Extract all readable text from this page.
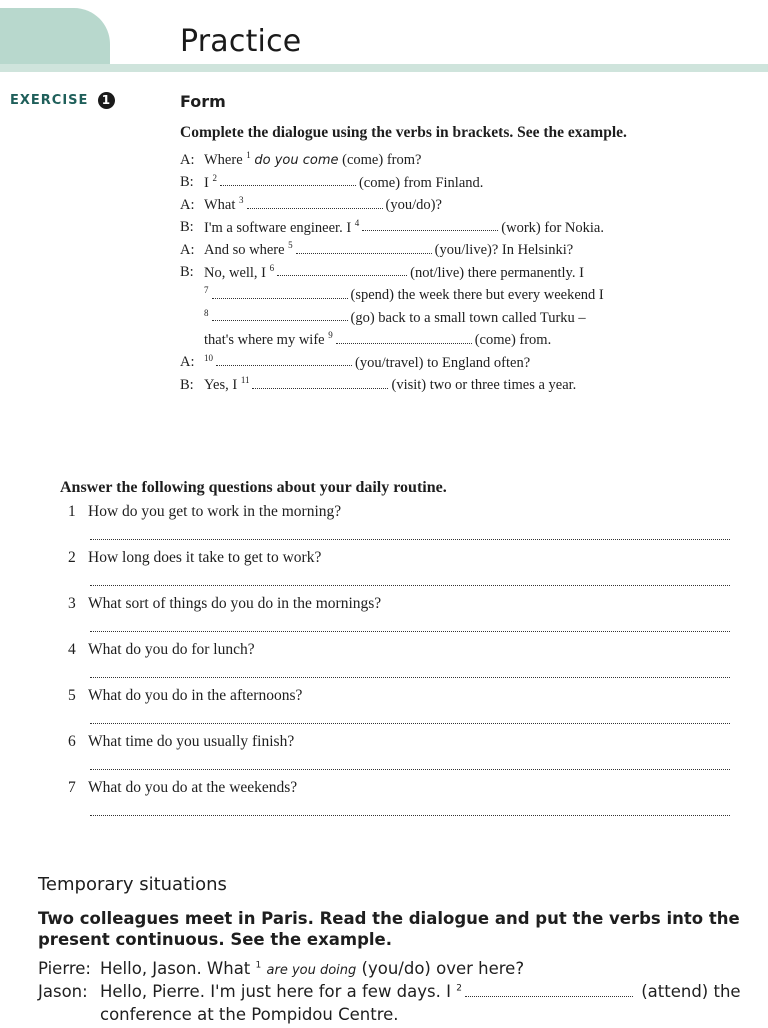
Practice
EXERCISE 1	Form
Complete the dialogue using the verbs in brackets. See the example.
A: Where $^1$ do you come (come) from?
B: I $^2$	(come) from Finland.
A: What $^3$	(you/do)?
B: I'm a software engineer. I $^4$	(work) for Nokia.
A: And so where $^5$	(you/live)? In Helsinki?
B: No, well, I $^6$	(not/live) there permanently. I
$^7$	(spend) the week there but every weekend I
$^8$	(go) back to a small town called Turku –
that's where my wife $^9$	(come) from.
A: $^{10}$	(you/travel) to England often?
B: Yes, I $^{11}$	(visit) two or three times a year.
Answer the following questions about your daily routine.
1 How do you get to work in the morning?
2 How long does it take to get to work?
3 What sort of things do you do in the mornings?
4 What do you do for lunch?
5 What do you do in the afternoons?
6 What time do you usually finish?
7 What do you do at the weekends?
Temporary situations
Two colleagues meet in Paris. Read the dialogue and put the verbs into the present continuous. See the example.
Pierre: Hello, Jason. What $^1$ are you doing (you/do) over here?
Jason: Hello, Pierre. I'm just here for a few days. I $^2$	(attend) the
conference at the Pompidou Centre.
